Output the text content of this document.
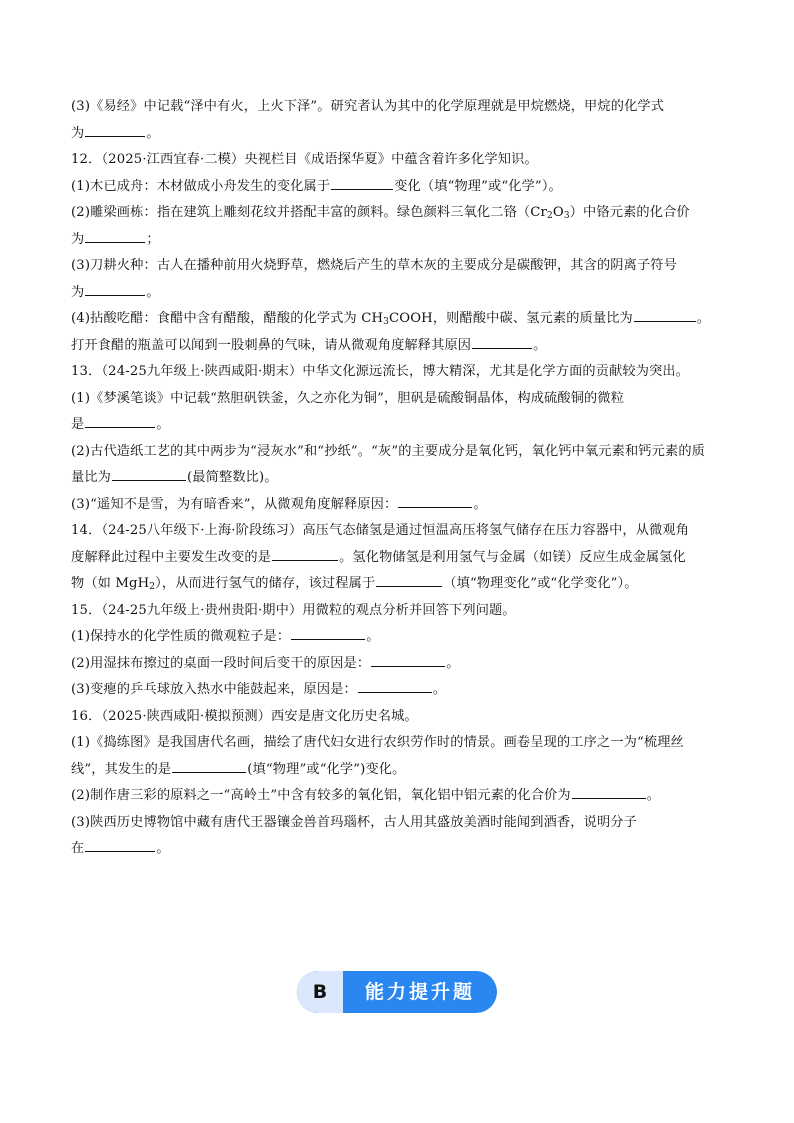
(3)《易经》中记载“泽中有火，上火下泽”。研究者认为其中的化学原理就是甲烷燃烧，甲烷的化学式
为	。
12．（2025·江西宜春·二模）央视栏目《成语探华夏》中蕴含着许多化学知识。
(1)木已成舟：木材做成小舟发生的变化属于	变化（填“物理”或“化学”）。
(2)雕梁画栋：指在建筑上雕刻花纹并搭配丰富的颜料。绿色颜料三氧化二铬$(Cr_2O_3)$中铬元素的化合价
为	；
(3)刀耕火种：古人在播种前用火烧野草，燃烧后产生的草木灰的主要成分是碳酸钾，其含的阴离子符号
为	。
(4)拈酸吃醋：食醋中含有醋酸，醋酸的化学式为 $CH_3COOH$，则醋酸中碳、氢元素的质量比为	。
打开食醋的瓶盖可以闻到一股刺鼻的气味，请从微观角度解释其原因	。
13．（24-25九年级上·陕西咸阳·期末）中华文化源远流长，博大精深，尤其是化学方面的贡献较为突出。
(1)《梦溪笔谈》中记载“熬胆矾铁釜，久之亦化为铜”，胆矾是硫酸铜晶体，构成硫酸铜的微粒
是	。
(2)古代造纸工艺的其中两步为“浸灰水”和“抄纸”。“灰”的主要成分是氧化钙，氧化钙中氧元素和钙元素的质
量比为	(最简整数比)。
(3)“遥知不是雪，为有暗香来”，从微观角度解释原因：	。
14．（24-25八年级下·上海·阶段练习）高压气态储氢是通过恒温高压将氢气储存在压力容器中，从微观角
度解释此过程中主要发生改变的是	。氢化物储氢是利用氢气与金属（如镁）反应生成金属氢化
物（如 MgH$_2$），从而进行氢气的储存，该过程属于	（填“物理变化”或“化学变化”）。
15．（24-25九年级上·贵州贵阳·期中）用微粒的观点分析并回答下列问题。
(1)保持水的化学性质的微观粒子是：	。
(2)用湿抹布擦过的桌面一段时间后变干的原因是：	。
(3)变瘪的乒乓球放入热水中能鼓起来，原因是：	。
16．（2025·陕西咸阳·模拟预测）西安是唐文化历史名城。
(1)《捣练图》是我国唐代名画，描绘了唐代妇女进行农织劳作时的情景。画卷呈现的工序之一为“梳理丝
线”，其发生的是	(填“物理”或“化学”)变化。
(2)制作唐三彩的原料之一“高岭土”中含有较多的氧化铝，氧化铝中铝元素的化合价为	。
(3)陕西历史博物馆中藏有唐代王器镶金兽首玛瑙杯，古人用其盛放美酒时能闻到酒香，说明分子
在	。
B	能力提升题
